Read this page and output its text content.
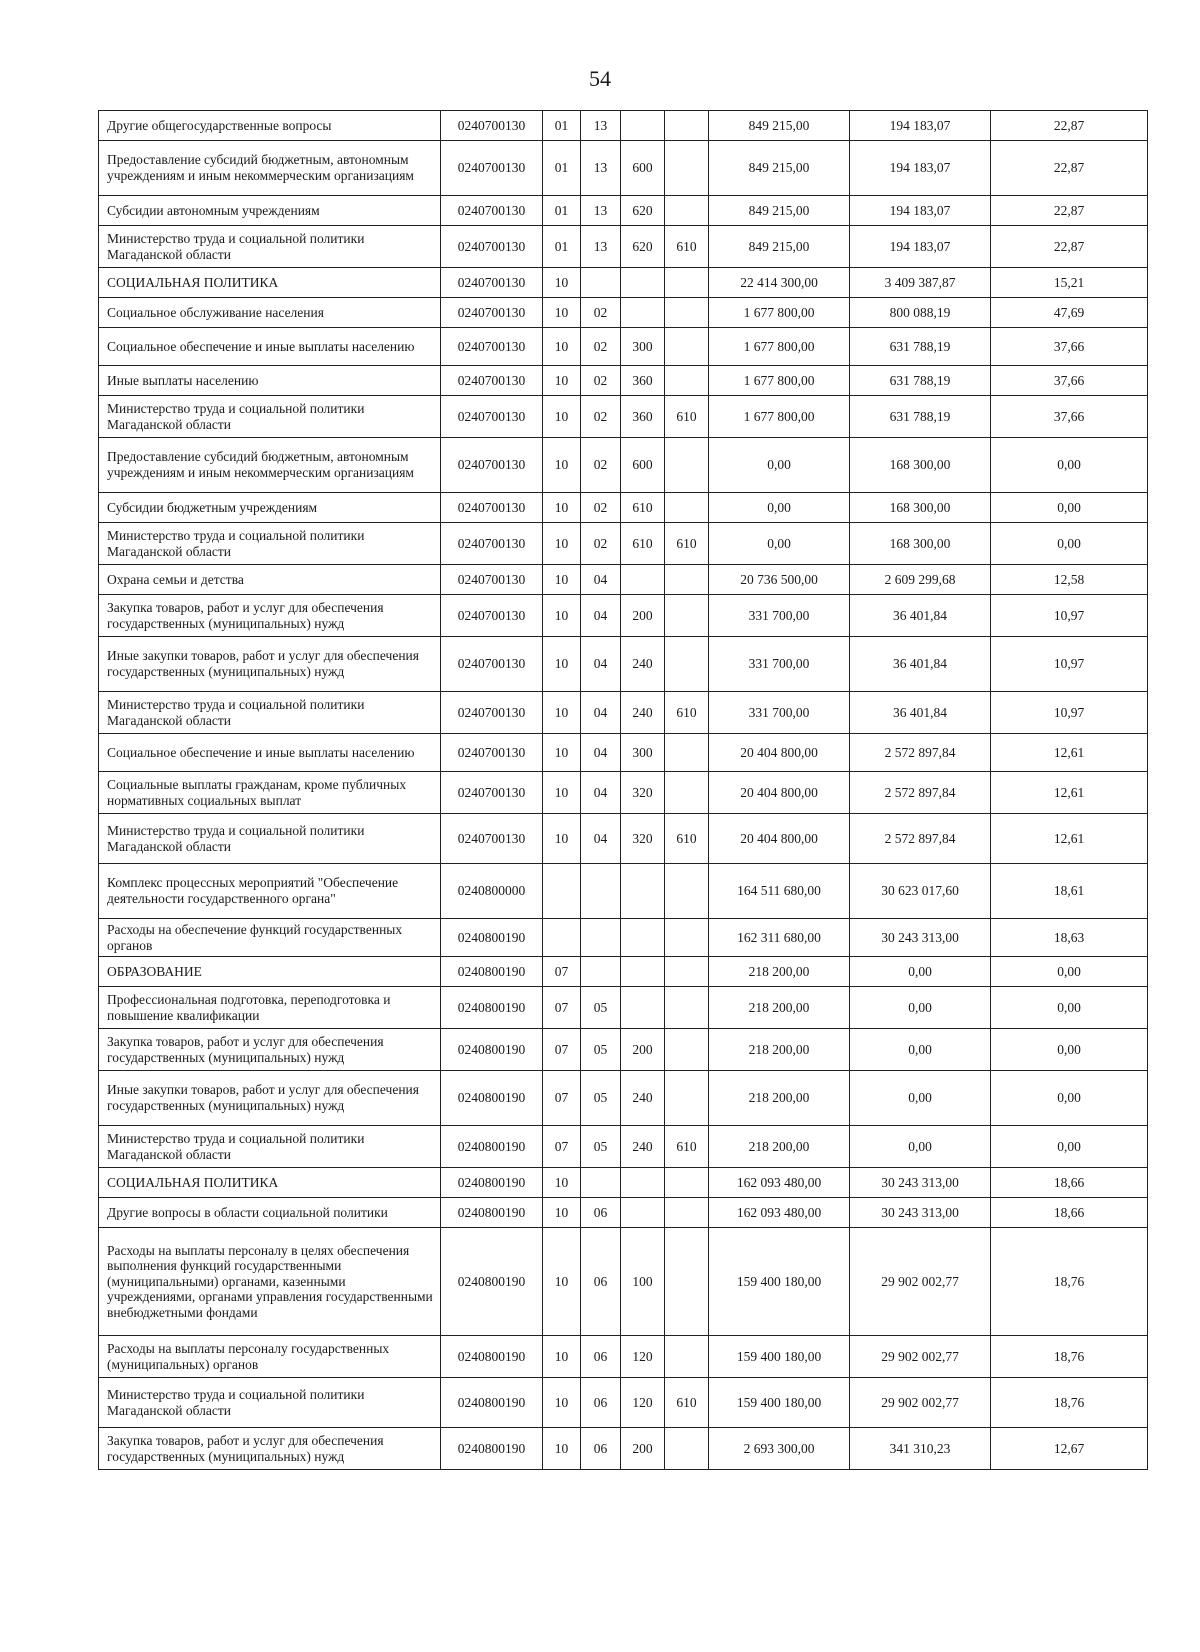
54
Другие общегосударственные вопросы	0240700130	01	13			849 215,00	194 183,07	22,87
Предоставление субсидий бюджетным, автономным учреждениям и иным некоммерческим организациям	0240700130	01	13	600		849 215,00	194 183,07	22,87
Субсидии автономным учреждениям	0240700130	01	13	620		849 215,00	194 183,07	22,87
Министерство труда и социальной политики Магаданской области	0240700130	01	13	620	610	849 215,00	194 183,07	22,87
СОЦИАЛЬНАЯ ПОЛИТИКА	0240700130	10				22 414 300,00	3 409 387,87	15,21
Социальное обслуживание населения	0240700130	10	02			1 677 800,00	800 088,19	47,69
Социальное обеспечение и иные выплаты населению	0240700130	10	02	300		1 677 800,00	631 788,19	37,66
Иные выплаты населению	0240700130	10	02	360		1 677 800,00	631 788,19	37,66
Министерство труда и социальной политики Магаданской области	0240700130	10	02	360	610	1 677 800,00	631 788,19	37,66
Предоставление субсидий бюджетным, автономным учреждениям и иным некоммерческим организациям	0240700130	10	02	600		0,00	168 300,00	0,00
Субсидии бюджетным учреждениям	0240700130	10	02	610		0,00	168 300,00	0,00
Министерство труда и социальной политики Магаданской области	0240700130	10	02	610	610	0,00	168 300,00	0,00
Охрана семьи и детства	0240700130	10	04			20 736 500,00	2 609 299,68	12,58
Закупка товаров, работ и услуг для обеспечения государственных (муниципальных) нужд	0240700130	10	04	200		331 700,00	36 401,84	10,97
Иные закупки товаров, работ и услуг для обеспечения государственных (муниципальных) нужд	0240700130	10	04	240		331 700,00	36 401,84	10,97
Министерство труда и социальной политики Магаданской области	0240700130	10	04	240	610	331 700,00	36 401,84	10,97
Социальное обеспечение и иные выплаты населению	0240700130	10	04	300		20 404 800,00	2 572 897,84	12,61
Социальные выплаты гражданам, кроме публичных нормативных социальных выплат	0240700130	10	04	320		20 404 800,00	2 572 897,84	12,61
Министерство труда и социальной политики Магаданской области	0240700130	10	04	320	610	20 404 800,00	2 572 897,84	12,61
Комплекс процессных мероприятий "Обеспечение деятельности государственного органа"	0240800000					164 511 680,00	30 623 017,60	18,61
Расходы на обеспечение функций государственных органов	0240800190					162 311 680,00	30 243 313,00	18,63
ОБРАЗОВАНИЕ	0240800190	07				218 200,00	0,00	0,00
Профессиональная подготовка, переподготовка и повышение квалификации	0240800190	07	05			218 200,00	0,00	0,00
Закупка товаров, работ и услуг для обеспечения государственных (муниципальных) нужд	0240800190	07	05	200		218 200,00	0,00	0,00
Иные закупки товаров, работ и услуг для обеспечения государственных (муниципальных) нужд	0240800190	07	05	240		218 200,00	0,00	0,00
Министерство труда и социальной политики Магаданской области	0240800190	07	05	240	610	218 200,00	0,00	0,00
СОЦИАЛЬНАЯ ПОЛИТИКА	0240800190	10				162 093 480,00	30 243 313,00	18,66
Другие вопросы в области социальной политики	0240800190	10	06			162 093 480,00	30 243 313,00	18,66
Расходы на выплаты персоналу в целях обеспечения выполнения функций государственными (муниципальными) органами, казенными учреждениями, органами управления государственными внебюджетными фондами	0240800190	10	06	100		159 400 180,00	29 902 002,77	18,76
Расходы на выплаты персоналу государственных (муниципальных) органов	0240800190	10	06	120		159 400 180,00	29 902 002,77	18,76
Министерство труда и социальной политики Магаданской области	0240800190	10	06	120	610	159 400 180,00	29 902 002,77	18,76
Закупка товаров, работ и услуг для обеспечения государственных (муниципальных) нужд	0240800190	10	06	200		2 693 300,00	341 310,23	12,67
